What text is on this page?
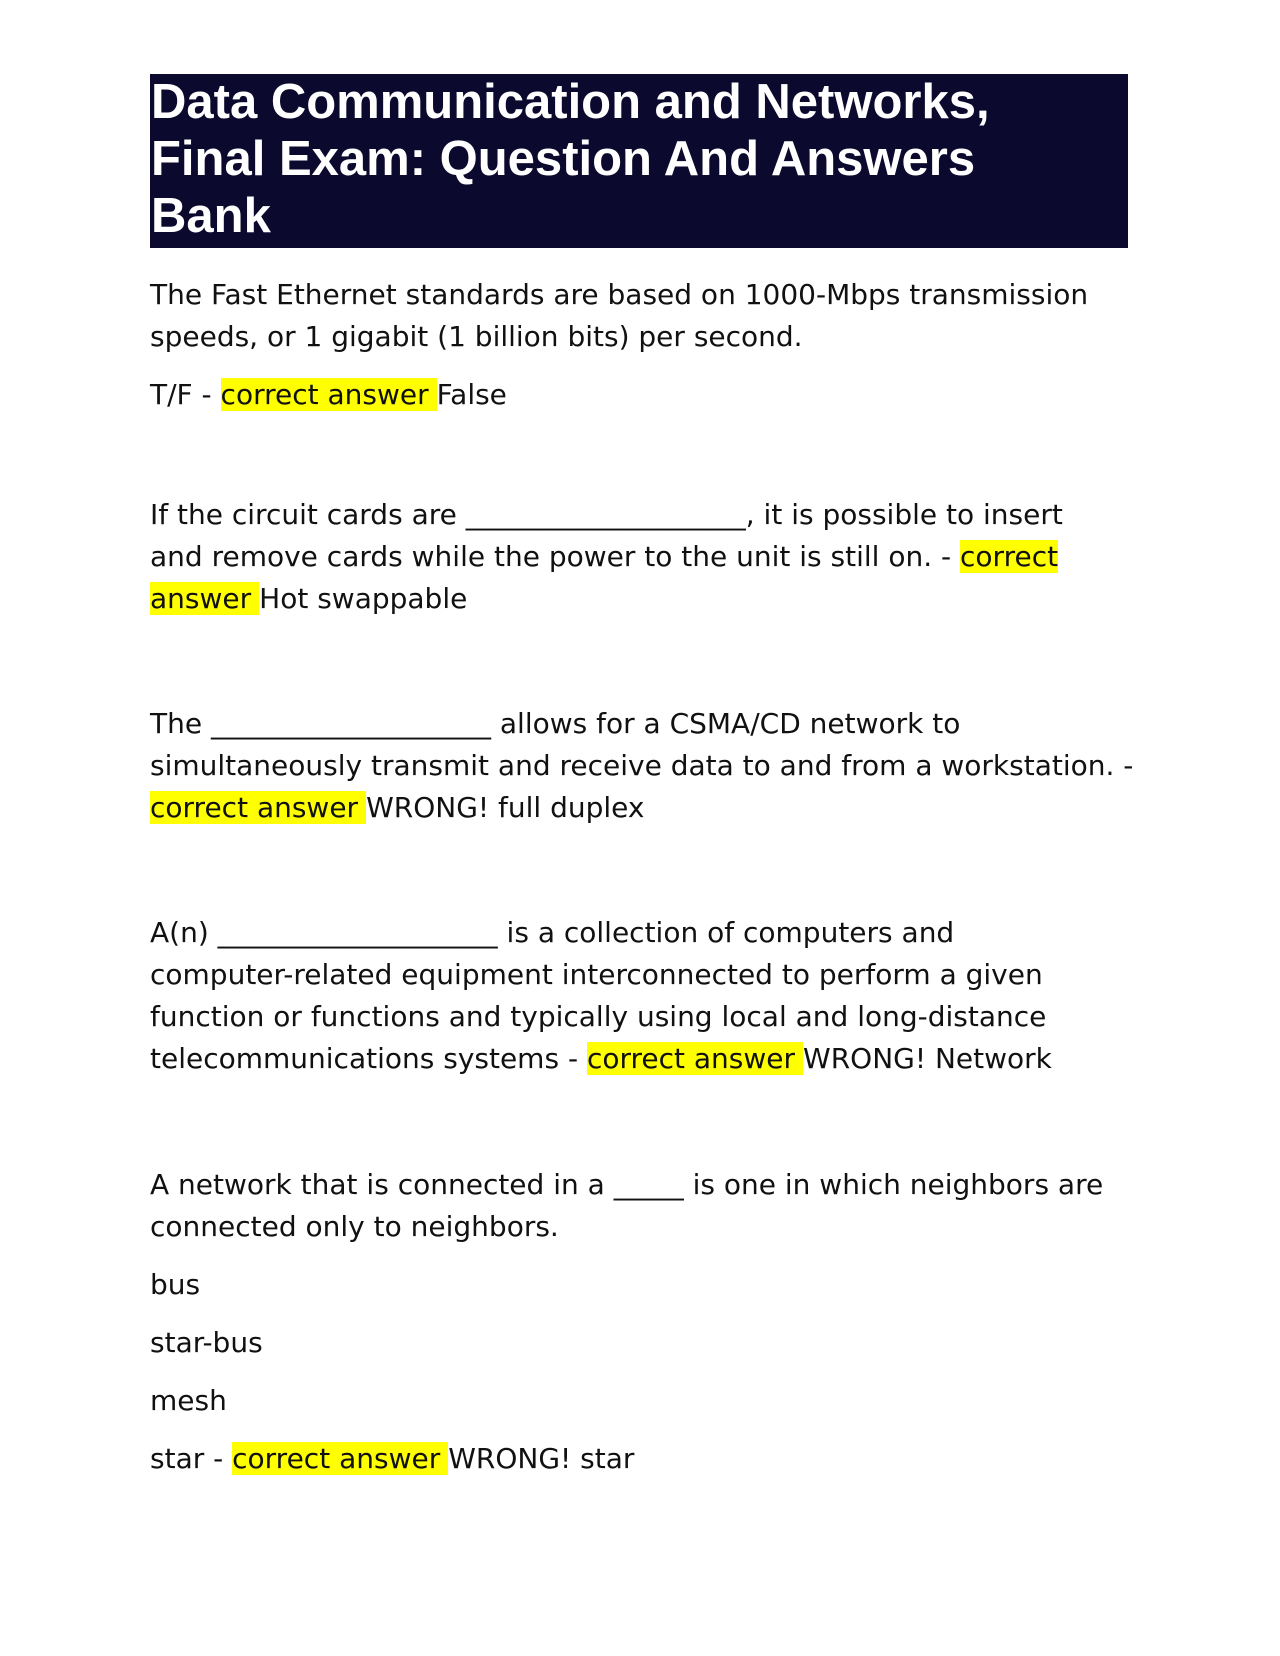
Data Communication and Networks,
Final Exam: Question And Answers
Bank
The Fast Ethernet standards are based on 1000-Mbps transmission
speeds, or 1 gigabit (1 billion bits) per second.
T/F - correct answer False
If the circuit cards are ____________________, it is possible to insert
and remove cards while the power to the unit is still on. - correct
answer Hot swappable
The ____________________ allows for a CSMA/CD network to
simultaneously transmit and receive data to and from a workstation. -
correct answer WRONG! full duplex
A(n) ____________________ is a collection of computers and
computer-related equipment interconnected to perform a given
function or functions and typically using local and long-distance
telecommunications systems - correct answer WRONG! Network
A network that is connected in a _____ is one in which neighbors are
connected only to neighbors.
bus
star-bus
mesh
star - correct answer WRONG! star
